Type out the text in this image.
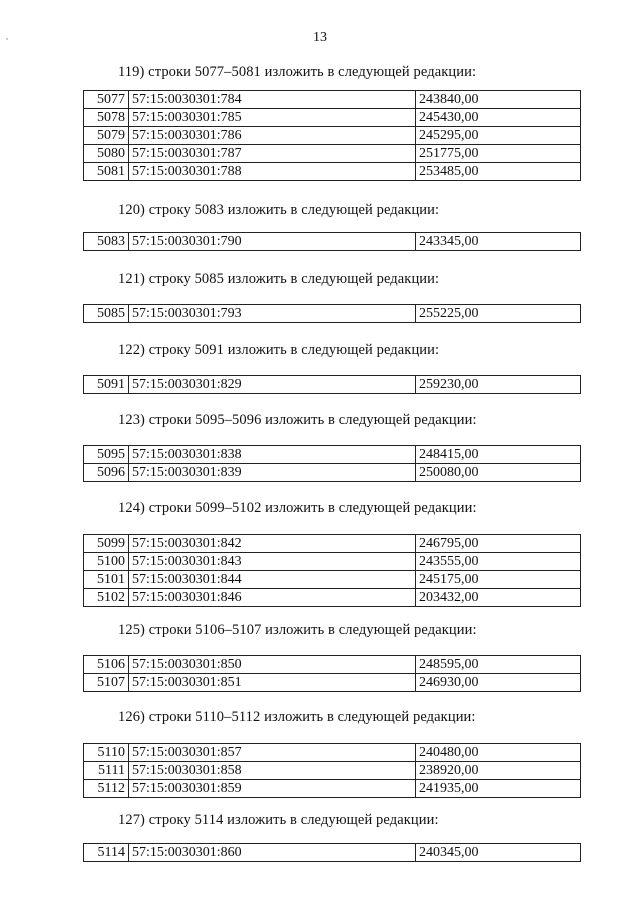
13
119) строки 5077–5081 изложить в следующей редакции:
5077	57:15:0030301:784	243840,00
5078	57:15:0030301:785	245430,00
5079	57:15:0030301:786	245295,00
5080	57:15:0030301:787	251775,00
5081	57:15:0030301:788	253485,00
120) строку 5083 изложить в следующей редакции:
5083	57:15:0030301:790	243345,00
121) строку 5085 изложить в следующей редакции:
5085	57:15:0030301:793	255225,00
122) строку 5091 изложить в следующей редакции:
5091	57:15:0030301:829	259230,00
123) строки 5095–5096 изложить в следующей редакции:
5095	57:15:0030301:838	248415,00
5096	57:15:0030301:839	250080,00
124) строки 5099–5102 изложить в следующей редакции:
5099	57:15:0030301:842	246795,00
5100	57:15:0030301:843	243555,00
5101	57:15:0030301:844	245175,00
5102	57:15:0030301:846	203432,00
125) строки 5106–5107 изложить в следующей редакции:
5106	57:15:0030301:850	248595,00
5107	57:15:0030301:851	246930,00
126) строки 5110–5112 изложить в следующей редакции:
5110	57:15:0030301:857	240480,00
5111	57:15:0030301:858	238920,00
5112	57:15:0030301:859	241935,00
127) строку 5114 изложить в следующей редакции:
5114	57:15:0030301:860	240345,00
